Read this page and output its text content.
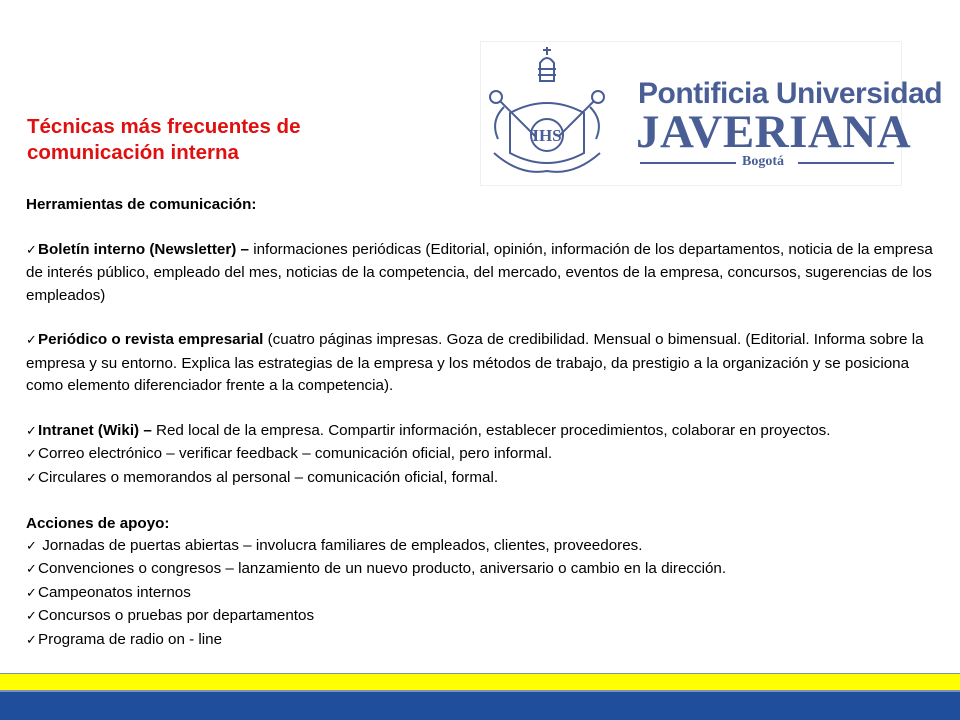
Técnicas más frecuentes de
comunicación interna
IHS
Pontificia Universidad
JAVERIANA
Bogotá

Herramientas de comunicación:

✓Boletín interno (Newsletter) – informaciones periódicas (Editorial, opinión, información de los departamentos, noticia de la empresa de interés público, empleado del mes, noticias de la competencia, del mercado, eventos de la empresa, concursos, sugerencias de los empleados)

✓Periódico o revista empresarial (cuatro páginas impresas. Goza de credibilidad. Mensual o bimensual. (Editorial. Informa sobre la empresa y su entorno. Explica las estrategias de la empresa y los métodos de trabajo, da prestigio a la organización y se posiciona como elemento diferenciador frente a la competencia).

✓Intranet (Wiki) – Red local de la empresa. Compartir información, establecer procedimientos, colaborar en proyectos.

✓Correo electrónico – verificar feedback – comunicación oficial, pero informal.

✓Circulares o memorandos al personal – comunicación oficial, formal.

Acciones de apoyo:

✓ Jornadas de puertas abiertas – involucra familiares de empleados, clientes, proveedores.

✓Convenciones o congresos – lanzamiento de un nuevo producto, aniversario o cambio en la dirección.

✓Campeonatos internos

✓Concursos o pruebas por departamentos

✓Programa de radio on - line
